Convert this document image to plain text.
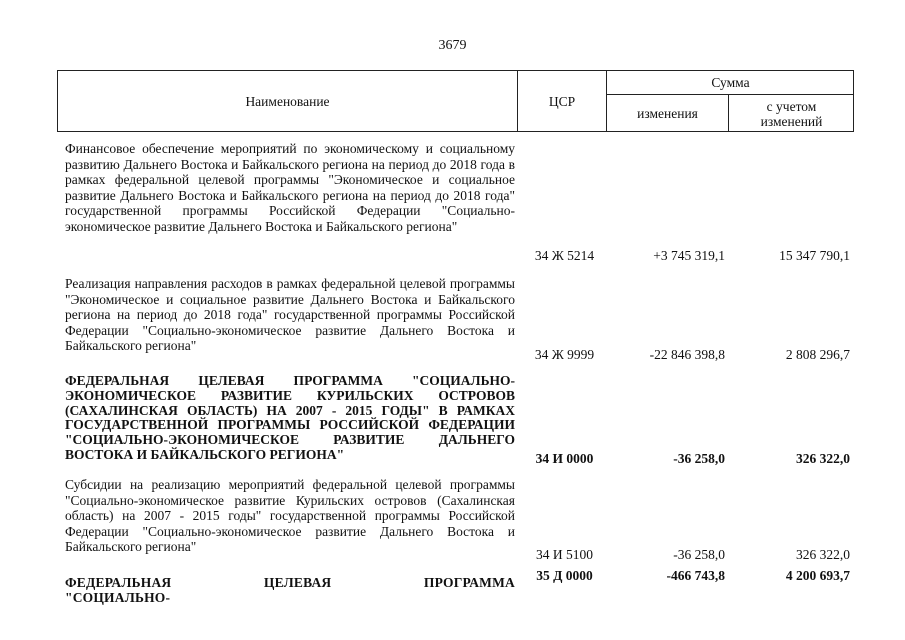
3679
Наименование	ЦСР
Сумма
изменения	с учетом
изменений
Финансовое обеспечение мероприятий по экономическому и социальному развитию Дальнего Востока и Байкальского региона на период до 2018 года в рамках федеральной целевой программы "Экономическое и социальное развитие Дальнего Востока и Байкальского региона на период до 2018 года" государственной программы Российской Федерации "Социально-экономическое развитие Дальнего Востока и Байкальского региона"
34 Ж 5214	+3 745 319,1	15 347 790,1
Реализация направления расходов в рамках федеральной целевой программы "Экономическое и социальное развитие Дальнего Востока и Байкальского региона на период до 2018 года" государственной программы Российской Федерации "Социально-экономическое развитие Дальнего Востока и Байкальского региона"
34 Ж 9999	-22 846 398,8	2 808 296,7
ФЕДЕРАЛЬНАЯ ЦЕЛЕВАЯ ПРОГРАММА "СОЦИАЛЬНО-ЭКОНОМИЧЕСКОЕ РАЗВИТИЕ КУРИЛЬСКИХ ОСТРОВОВ (САХАЛИНСКАЯ ОБЛАСТЬ) НА 2007 - 2015 ГОДЫ" В РАМКАХ ГОСУДАРСТВЕННОЙ ПРОГРАММЫ РОССИЙСКОЙ ФЕДЕРАЦИИ "СОЦИАЛЬНО-ЭКОНОМИЧЕСКОЕ РАЗВИТИЕ ДАЛЬНЕГО ВОСТОКА И БАЙКАЛЬСКОГО РЕГИОНА"	34 И 0000	-36 258,0	326 322,0
Субсидии на реализацию мероприятий федеральной целевой программы "Социально-экономическое развитие Курильских островов (Сахалинская область) на 2007 - 2015 годы" государственной программы Российской Федерации "Социально-экономическое развитие Дальнего Востока и Байкальского региона"
34 И 5100	-36 258,0	326 322,0
ФЕДЕРАЛЬНАЯ ЦЕЛЕВАЯ ПРОГРАММА "СОЦИАЛЬНО-
35 Д 0000	-466 743,8	4 200 693,7
